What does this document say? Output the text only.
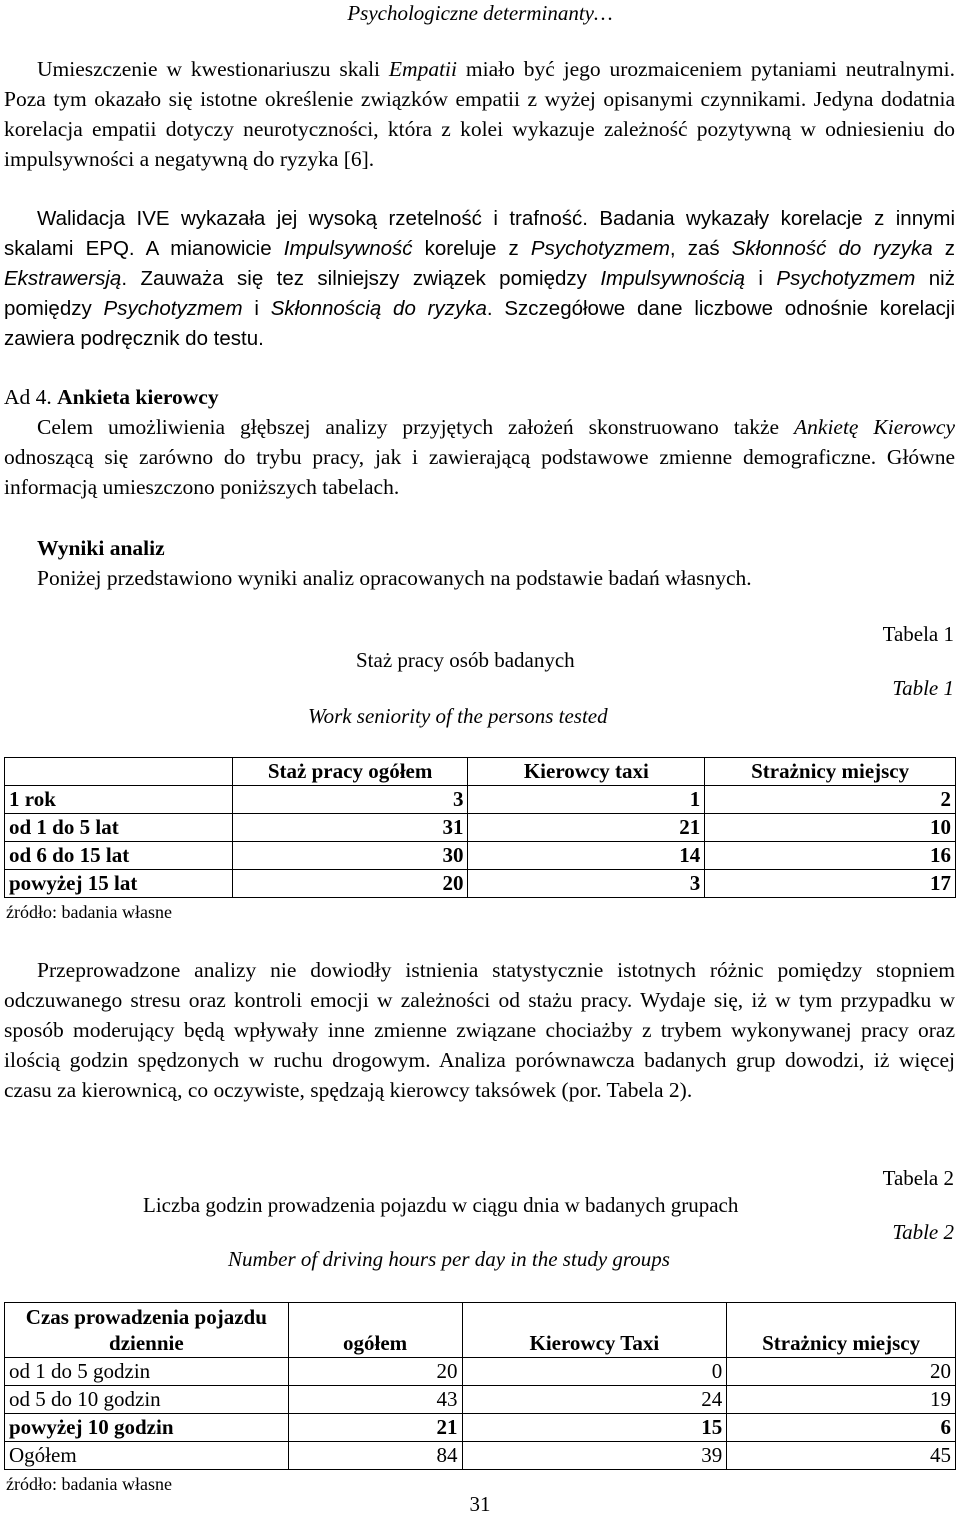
Psychologiczne determinanty…
Umieszczenie w kwestionariuszu skali Empatii miało być jego urozmaiceniem pytaniami neutralnymi. Poza tym okazało się istotne określenie związków empatii z wyżej opisanymi czynnikami. Jedyna dodatnia korelacja empatii dotyczy neurotyczności, która z kolei wykazuje zależność pozytywną w odniesieniu do impulsywności a negatywną do ryzyka [6].
Walidacja IVE wykazała jej wysoką rzetelność i trafność. Badania wykazały korelacje z innymi skalami EPQ. A mianowicie Impulsywność koreluje z Psychotyzmem, zaś Skłonność do ryzyka z Ekstrawersją. Zauważa się tez silniejszy związek pomiędzy Impulsywnością i Psychotyzmem niż pomiędzy Psychotyzmem i Skłonnością do ryzyka. Szczegółowe dane liczbowe odnośnie korelacji zawiera podręcznik do testu.
Ad 4. Ankieta kierowcy
Celem umożliwienia głębszej analizy przyjętych założeń skonstruowano także Ankietę Kierowcy odnoszącą się zarówno do trybu pracy, jak i zawierającą podstawowe zmienne demograficzne. Główne informacją umieszczono poniższych tabelach.
Wyniki analiz
Poniżej przedstawiono wyniki analiz opracowanych na podstawie badań własnych.
Tabela 1
Table 1
Staż pracy osób badanych
Work seniority of the persons tested
	Staż pracy ogółem	Kierowcy taxi	Strażnicy miejscy
1 rok	3	1	2
od 1 do 5 lat	31	21	10
od 6 do 15 lat	30	14	16
powyżej 15 lat	20	3	17
źródło: badania własne
Przeprowadzone analizy nie dowiodły istnienia statystycznie istotnych różnic pomiędzy stopniem odczuwanego stresu oraz kontroli emocji w zależności od stażu pracy. Wydaje się, iż w tym przypadku w sposób moderujący będą wpływały inne zmienne związane chociażby z trybem wykonywanej pracy oraz ilością godzin spędzonych w ruchu drogowym. Analiza porównawcza badanych grup dowodzi, iż więcej czasu za kierownicą, co oczywiste, spędzają kierowcy taksówek (por. Tabela 2).
Tabela 2
Table 2
Liczba godzin prowadzenia pojazdu w ciągu dnia w badanych grupach
Number of driving hours per day in the study groups
Czas prowadzenia pojazdu dziennie	ogółem	Kierowcy Taxi	Strażnicy miejscy
od 1 do 5 godzin	20	0	20
od 5 do 10 godzin	43	24	19
powyżej 10 godzin	21	15	6
Ogółem	84	39	45
źródło: badania własne
31
